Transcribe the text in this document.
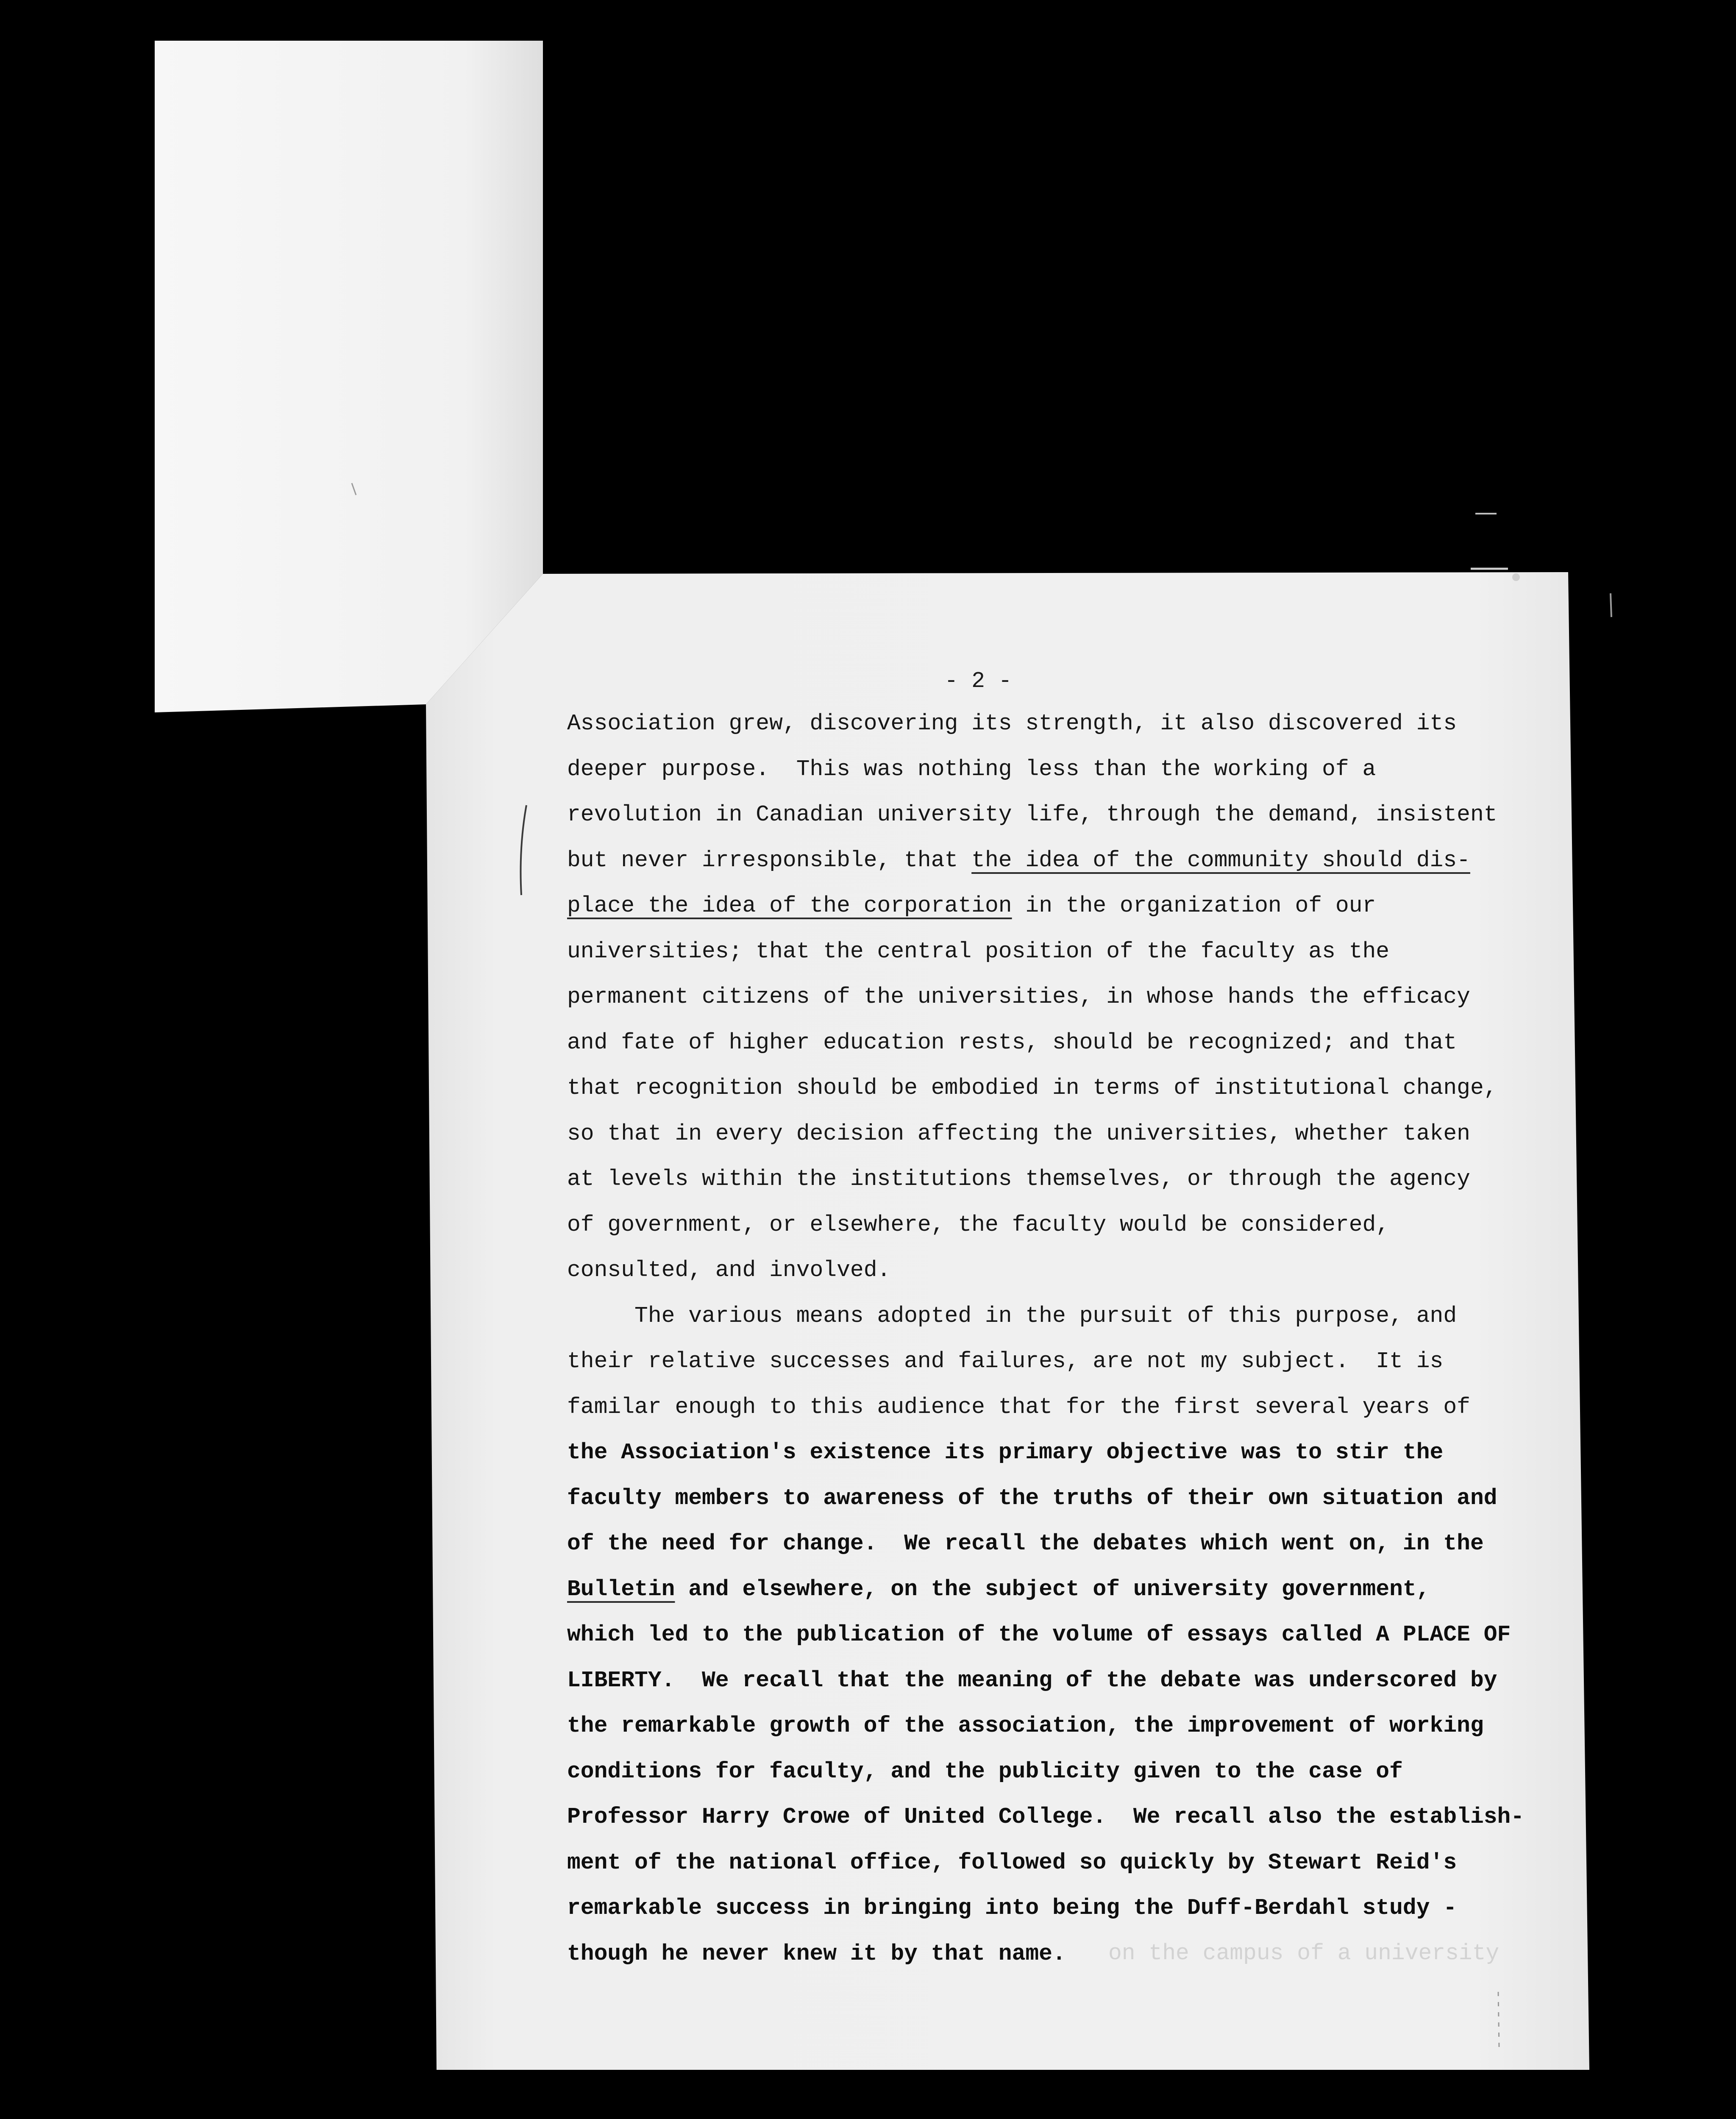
- 2 -
Association grew, discovering its strength, it also discovered its
deeper purpose.  This was nothing less than the working of a
revolution in Canadian university life, through the demand, insistent
but never irresponsible, that the idea of the community should dis-
place the idea of the corporation in the organization of our
universities; that the central position of the faculty as the
permanent citizens of the universities, in whose hands the efficacy
and fate of higher education rests, should be recognized; and that
that recognition should be embodied in terms of institutional change,
so that in every decision affecting the universities, whether taken
at levels within the institutions themselves, or through the agency
of government, or elsewhere, the faculty would be considered,
consulted, and involved.
The various means adopted in the pursuit of this purpose, and
their relative successes and failures, are not my subject.  It is
familar enough to this audience that for the first several years of
the Association's existence its primary objective was to stir the
faculty members to awareness of the truths of their own situation and
of the need for change.  We recall the debates which went on, in the
Bulletin and elsewhere, on the subject of university government,
which led to the publication of the volume of essays called A PLACE OF
LIBERTY.  We recall that the meaning of the debate was underscored by
the remarkable growth of the association, the improvement of working
conditions for faculty, and the publicity given to the case of
Professor Harry Crowe of United College.  We recall also the establish-
ment of the national office, followed so quickly by Stewart Reid's
remarkable success in bringing into being the Duff-Berdahl study -
though he never knew it by that name.	on the campus of a university
